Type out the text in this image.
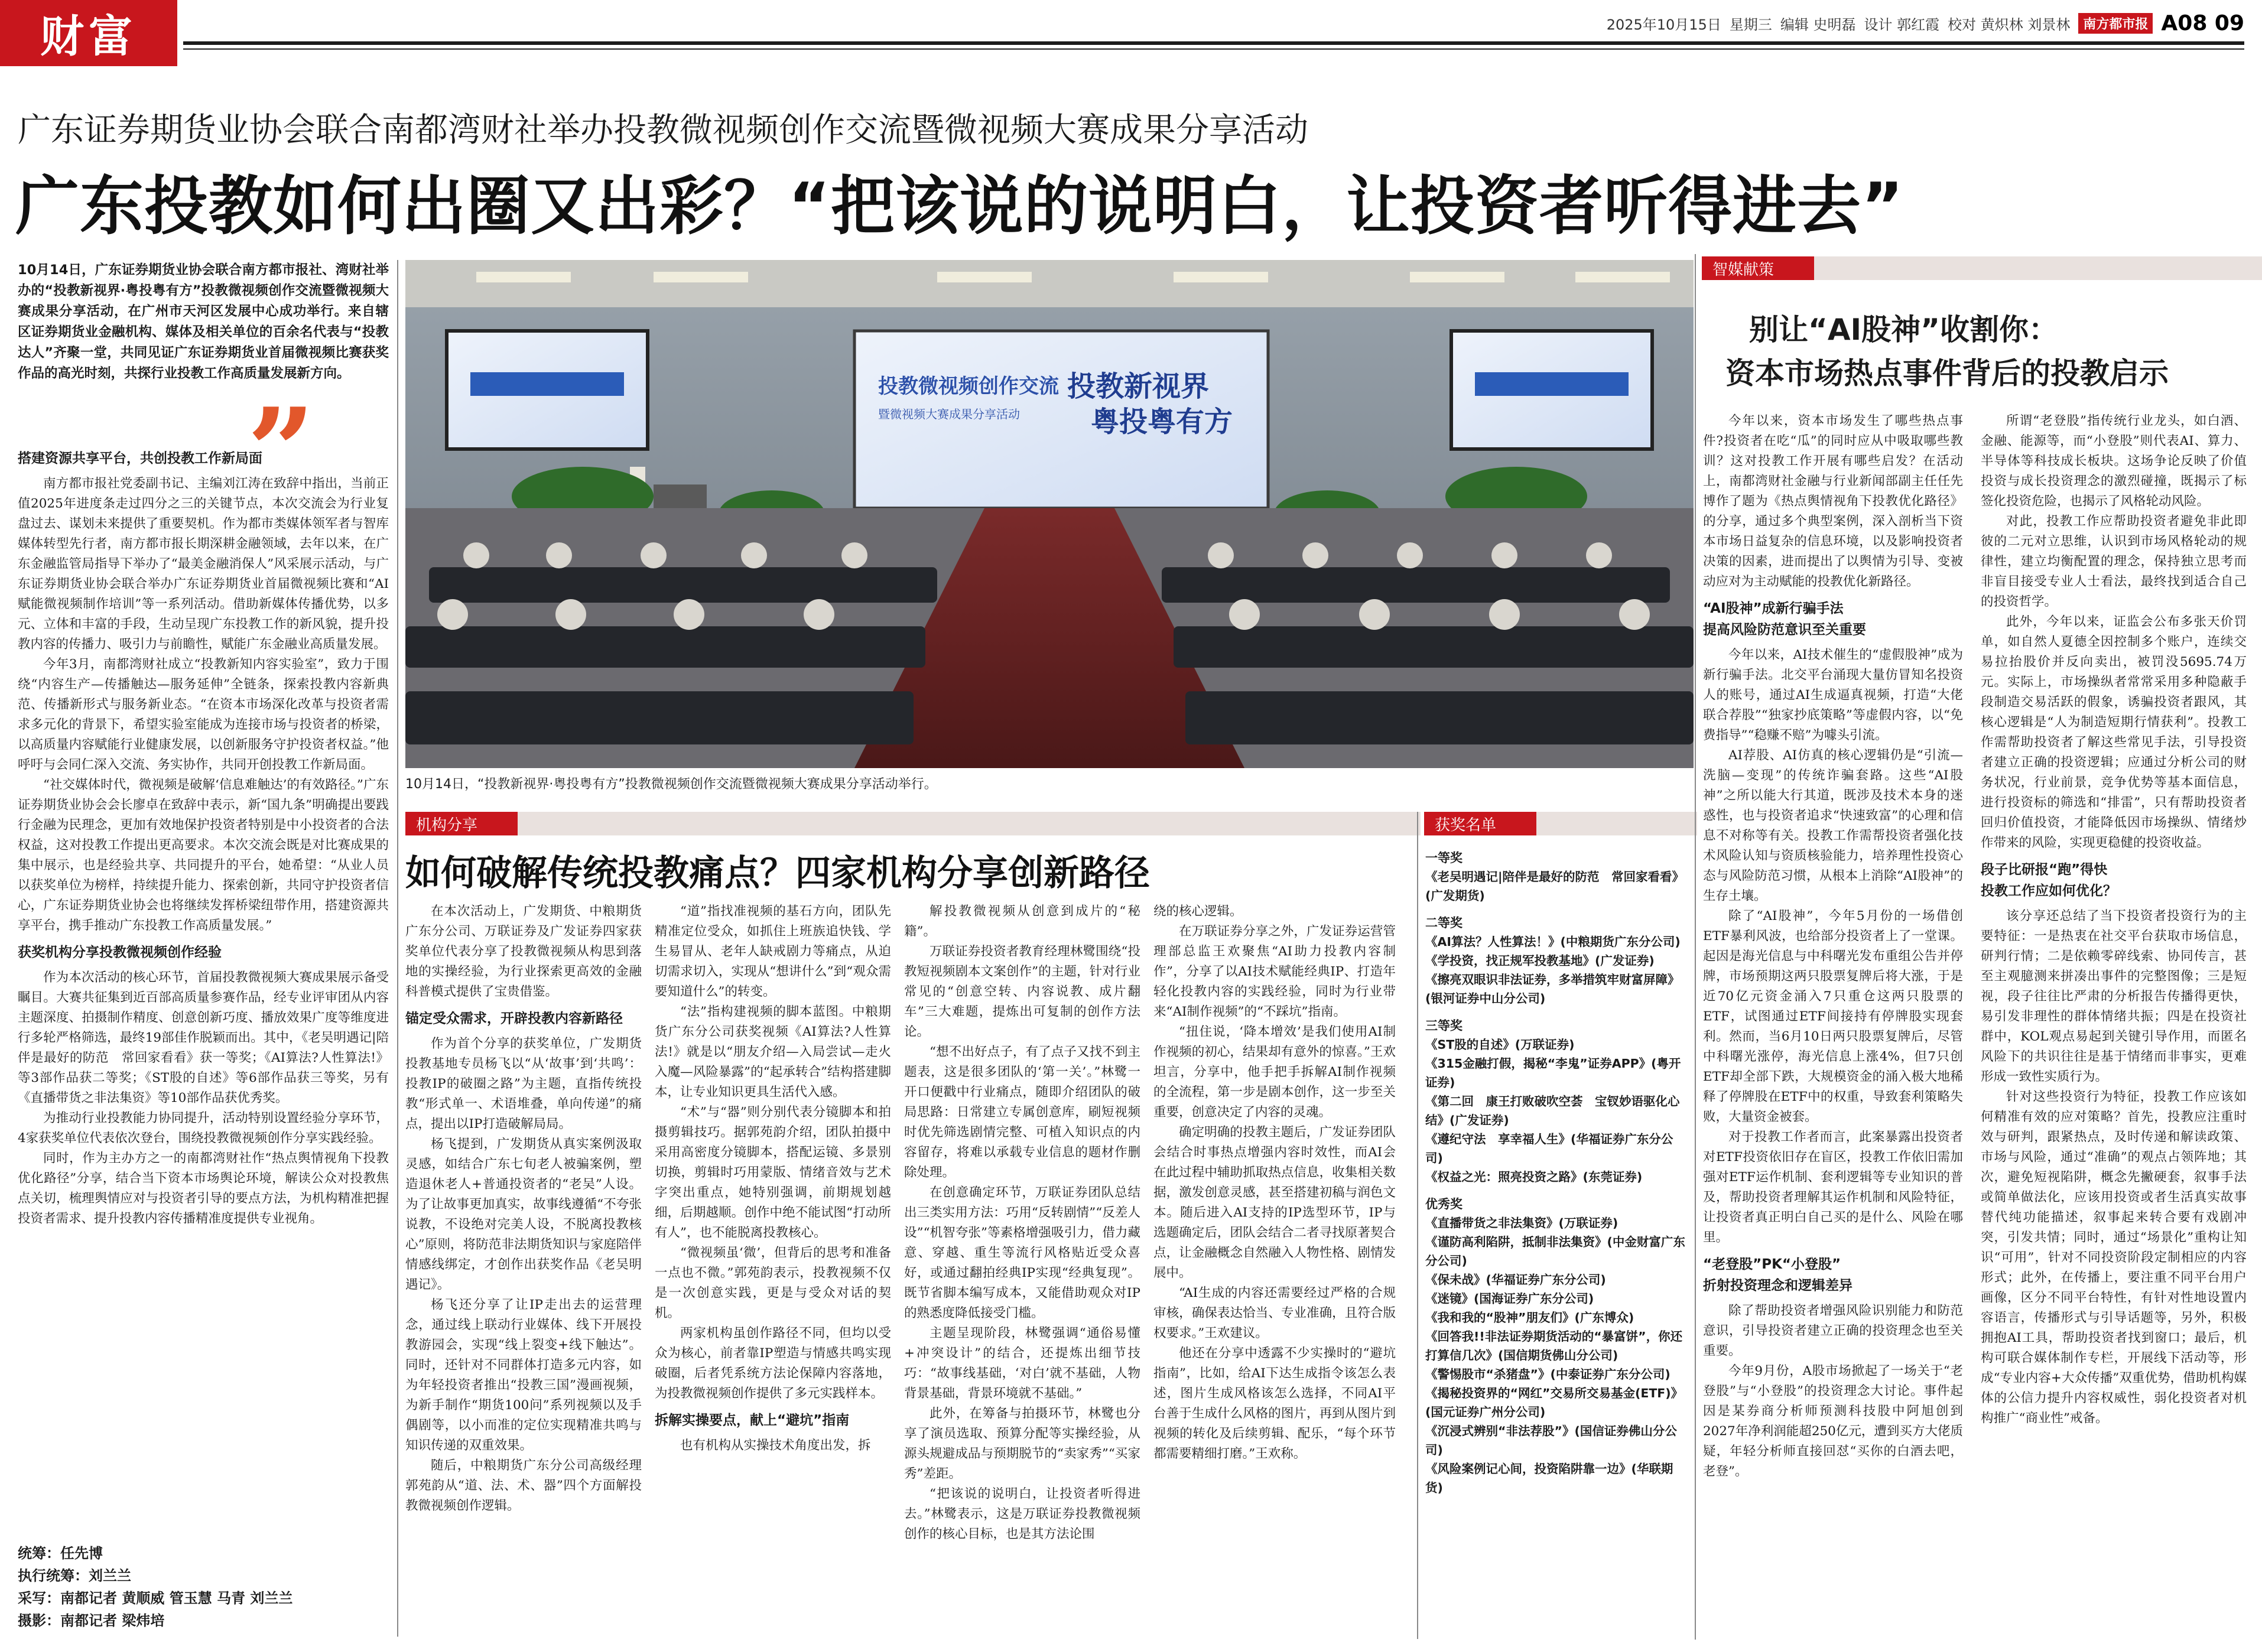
财富	2025年10月15日 星期三 编辑 史明磊 设计 郭红霞 校对 黄炽林 刘景林	南方都市报 A08 09
广东证券期货业协会联合南都湾财社举办投教微视频创作交流暨微视频大赛成果分享活动
广东投教如何出圈又出彩？“把该说的说明白，让投资者听得进去”
10月14日，广东证券期货业协会联合南方都市报社、湾财社举办的“投教新视界·粤投粤有方”投教微视频创作交流暨微视频大赛成果分享活动，在广州市天河区发展中心成功举行。来自辖区证券期货业金融机构、媒体及相关单位的百余名代表与“投教达人”齐聚一堂，共同见证广东证券期货业首届微视频比赛获奖作品的高光时刻，共探行业投教工作高质量发展新方向。
”
搭建资源共享平台，共创投教工作新局面

南方都市报社党委副书记、主编刘江涛在致辞中指出，当前正值2025年进度条走过四分之三的关键节点，本次交流会为行业复盘过去、谋划未来提供了重要契机。作为都市类媒体领军者与智库媒体转型先行者，南方都市报长期深耕金融领域，去年以来，在广东金融监管局指导下举办了“最美金融消保人”风采展示活动，与广东证券期货业协会联合举办广东证券期货业首届微视频比赛和“AI赋能微视频制作培训”等一系列活动。借助新媒体传播优势，以多元、立体和丰富的手段，生动呈现广东投教工作的新风貌，提升投教内容的传播力、吸引力与前瞻性，赋能广东金融业高质量发展。

今年3月，南都湾财社成立“投教新知内容实验室”，致力于围绕“内容生产—传播触达—服务延伸”全链条，探索投教内容新典范、传播新形式与服务新业态。“在资本市场深化改革与投资者需求多元化的背景下，希望实验室能成为连接市场与投资者的桥梁，以高质量内容赋能行业健康发展，以创新服务守护投资者权益。”他呼吁与会同仁深入交流、务实协作，共同开创投教工作新局面。

“社交媒体时代，微视频是破解‘信息难触达’的有效路径。”广东证券期货业协会会长廖卓在致辞中表示，新“国九条”明确提出要践行金融为民理念，更加有效地保护投资者特别是中小投资者的合法权益，这对投教工作提出更高要求。本次交流会既是对比赛成果的集中展示，也是经验共享、共同提升的平台，她希望：“从业人员以获奖单位为榜样，持续提升能力、探索创新，共同守护投资者信心，广东证券期货业协会也将继续发挥桥梁纽带作用，搭建资源共享平台，携手推动广东投教工作高质量发展。”

获奖机构分享投教微视频创作经验

作为本次活动的核心环节，首届投教微视频大赛成果展示备受瞩目。大赛共征集到近百部高质量参赛作品，经专业评审团从内容主题深度、拍摄制作精度、创意创新巧度、播放效果广度等维度进行多轮严格筛选，最终19部佳作脱颖而出。其中，《老吴明遇记|陪伴是最好的防范　常回家看看》获一等奖；《AI算法?人性算法!》等3部作品获二等奖；《ST股的自述》等6部作品获三等奖，另有《直播带货之非法集资》等10部作品获优秀奖。

为推动行业投教能力协同提升，活动特别设置经验分享环节，4家获奖单位代表依次登台，围绕投教微视频创作分享实践经验。

同时，作为主办方之一的南都湾财社作“热点舆情视角下投教优化路径”分享，结合当下资本市场舆论环境，解读公众对投教焦点关切，梳理舆情应对与投资者引导的要点方法，为机构精准把握投资者需求、提升投教内容传播精准度提供专业视角。

统筹：任先博
执行统筹：刘兰兰
采写：南都记者 黄顺威 管玉慧 马青 刘兰兰
摄影：南都记者 梁炜培
投教微视频创作交流
暨微视频大赛成果分享活动
投教新视界
粤投粤有方
10月14日，“投教新视界·粤投粤有方”投教微视频创作交流暨微视频大赛成果分享活动举行。
机构分享
如何破解传统投教痛点？四家机构分享创新路径

在本次活动上，广发期货、中粮期货广东分公司、万联证券及广发证券四家获奖单位代表分享了投教微视频从构思到落地的实操经验，为行业探索更高效的金融科普模式提供了宝贵借鉴。

锚定受众需求，开辟投教内容新路径

作为首个分享的获奖单位，广发期货投教基地专员杨飞以“从‘故事’到‘共鸣’：投教IP的破圈之路”为主题，直指传统投教“形式单一、术语堆叠，单向传递”的痛点，提出以IP打造破解局局。

杨飞提到，广发期货从真实案例汲取灵感，如结合广东七旬老人被骗案例，塑造退休老人+普通投资者的“老吴”人设。为了让故事更加真实，故事线遵循“不夸张说教，不设绝对完美人设，不脱离投教核心”原则，将防范非法期货知识与家庭陪伴情感线绑定，才创作出获奖作品《老吴明遇记》。

杨飞还分享了让IP走出去的运营理念，通过线上联动行业媒体、线下开展投教游园会，实现“线上裂变+线下触达”。同时，还针对不同群体打造多元内容，如为年轻投资者推出“投教三国”漫画视频，为新手制作“期货100问”系列视频以及手偶剧等，以小而准的定位实现精准共鸣与知识传递的双重效果。

随后，中粮期货广东分公司高级经理郭苑韵从“道、法、术、器”四个方面解投教微视频创作逻辑。

“道”指找准视频的基石方向，团队先精准定位受众，如抓住上班族追快钱、学生易冒从、老年人缺戒剧力等痛点，从迫切需求切入，实现从“想讲什么”到“观众需要知道什么”的转变。

“法”指构建视频的脚本蓝图。中粮期货广东分公司获奖视频《AI算法?人性算法!》就是以“朋友介绍—入局尝试—走火入魔—风险暴露”的“起承转合”结构搭建脚本，让专业知识更具生活代入感。

“术”与“器”则分别代表分镜脚本和拍摄剪辑技巧。据郭苑韵介绍，团队拍摄中采用高密度分镜脚本，搭配运镜、多景别切换，剪辑时巧用蒙版、情绪音效与艺术字突出重点，她特别强调，前期规划越细，后期越顺。创作中绝不能试图“打动所有人”，也不能脱离投教核心。

“微视频虽‘微’，但背后的思考和准备一点也不微。”郭苑韵表示，投教视频不仅是一次创意实践，更是与受众对话的契机。

两家机构虽创作路径不同，但均以受众为核心，前者靠IP塑造与情感共鸣实现破圈，后者凭系统方法论保障内容落地，为投教微视频创作提供了多元实践样本。

拆解实操要点，献上“避坑”指南

也有机构从实操技术角度出发，拆

解投教微视频从创意到成片的“秘籍”。

万联证券投资者教育经理林鹭围绕“投教短视频剧本文案创作”的主题，针对行业常见的“创意空转、内容说教、成片翻车”三大难题，提炼出可复制的创作方法论。

“想不出好点子，有了点子又找不到主题表，这是很多团队的‘第一关’。”林鹭一开口便戳中行业痛点，随即介绍团队的破局思路：日常建立专属创意库，刷短视频时优先筛选剧情完整、可植入知识点的内容留存，将难以承载专业信息的题材作删除处理。

在创意确定环节，万联证券团队总结出三类实用方法：巧用“反转剧情”“反差人设”“机智夸张”等素格增强吸引力，借力藏意、穿越、重生等流行风格贴近受众喜好，或通过翻拍经典IP实现“经典复现”。既节省脚本编写成本，又能借助观众对IP的熟悉度降低接受门槛。

主题呈现阶段，林鹭强调“通俗易懂+冲突设计”的结合，还提炼出细节技巧：“故事线基础，‘对白’就不基础，人物背景基础，背景环境就不基础。”

此外，在筹备与拍摄环节，林鹭也分享了演员选取、预算分配等实操经验，从源头规避成品与预期脱节的“卖家秀”“买家秀”差距。

“把该说的说明白，让投资者听得进去。”林鹭表示，这是万联证券投教微视频创作的核心目标，也是其方法论围

绕的核心逻辑。

在万联证券分享之外，广发证券运营管理部总监王欢聚焦“AI助力投教内容制作”，分享了以AI技术赋能经典IP、打造年轻化投教内容的实践经验，同时为行业带来“AI制作视频”的“不踩坑”指南。

“扭住说，‘降本增效’是我们使用AI制作视频的初心，结果却有意外的惊喜。”王欢坦言，分享中，他手把手拆解AI制作视频的全流程，第一步是剧本创作，这一步至关重要，创意决定了内容的灵魂。

确定明确的投教主题后，广发证券团队会结合时事热点增强内容时效性，而AI会在此过程中辅助抓取热点信息，收集相关数据，激发创意灵感，甚至搭建初稿与润色文本。随后进入AI支持的IP选型环节，IP与选题确定后，团队会结合二者寻找原著契合点，让金融概念自然融入人物性格、剧情发展中。

“AI生成的内容还需要经过严格的合规审核，确保表达恰当、专业准确，且符合版权要求。”王欢建议。

他还在分享中透露不少实操时的“避坑指南”，比如，给AI下达生成指令该怎么表述，图片生成风格该怎么选择，不同AI平台善于生成什么风格的图片，再到从图片到视频的转化及后续剪辑、配乐，“每个环节都需要精细打磨。”王欢称。

获奖名单
一等奖
《老吴明遇记|陪伴是最好的防范　常回家看看》(广发期货)
二等奖
《AI算法？人性算法！》(中粮期货广东分公司)
《学投资，找正规军投教基地》(广发证券)
《擦亮双眼识非法证券，多举措筑牢财富屏障》(银河证券中山分公司)
三等奖
《ST股的自述》(万联证券)
《315金融打假，揭秘“李鬼”证券APP》(粤开证券)
《第二回　康王打败破吹空荟　宝钗妙语驱化心结》(广发证券)
《遵纪守法　享幸福人生》(华福证券广东分公司)
《权益之光：照亮投资之路》(东莞证券)
优秀奖
《直播带货之非法集资》(万联证券)
《谨防高利陷阱，抵制非法集资》(中金财富广东分公司)
《保未战》(华福证券广东分公司)
《迷镜》(国海证券广东分公司)
《我和我的“股神”朋友们》(广东博众)
《回答我!!非法证券期货活动的“暴富饼”，你还打算信几次》(国信期货佛山分公司)
《警惕股市“杀猪盘”》(中泰证券广东分公司)
《揭秘投资界的“网红”交易所交易基金(ETF)》(国元证券广州分公司)
《沉浸式辨别“非法荐股”》(国信证券佛山分公司)
《风险案例记心间，投资陷阱靠一边》(华联期货)
智媒献策
别让“AI股神”收割你：
资本市场热点事件背后的投教启示

今年以来，资本市场发生了哪些热点事件?投资者在吃“瓜”的同时应从中吸取哪些教训？这对投教工作开展有哪些启发？在活动上，南都湾财社金融与行业新闻部副主任任先博作了题为《热点舆情视角下投教优化路径》的分享，通过多个典型案例，深入剖析当下资本市场日益复杂的信息环境，以及影响投资者决策的因素，进而提出了以舆情为引导、变被动应对为主动赋能的投教优化新路径。

“AI股神”成新行骗手法
提高风险防范意识至关重要

今年以来，AI技术催生的“虚假股神”成为新行骗手法。北交平台涌现大量仿冒知名投资人的账号，通过AI生成逼真视频，打造“大佬联合荐股”“独家抄底策略”等虚假内容，以“免费指导”“稳赚不赔”为噱头引流。

AI荐股、AI仿真的核心逻辑仍是“引流—洗脑—变现”的传统诈骗套路。这些“AI股神”之所以能大行其道，既涉及技术本身的迷惑性，也与投资者追求“快速致富”的心理和信息不对称等有关。投教工作需帮投资者强化技术风险认知与资质核验能力，培养理性投资心态与风险防范习惯，从根本上消除“AI股神”的生存土壤。

除了“AI股神”，今年5月份的一场借创ETF暴利风波，也给部分投资者上了一堂课。起因是海光信息与中科曙光发布重组公告并停牌，市场预期这两只股票复牌后将大涨，于是近70亿元资金涌入7只重仓这两只股票的ETF，试图通过ETF间接持有停牌股实现套利。然而，当6月10日两只股票复牌后，尽管中科曙光涨停，海光信息上涨4%，但7只创ETF却全部下跌，大规模资金的涌入极大地稀释了停牌股在ETF中的权重，导致套利策略失败，大量资金被套。

对于投教工作者而言，此案暴露出投资者对ETF投资依旧存在盲区，投教工作依旧需加强对ETF运作机制、套利逻辑等专业知识的普及，帮助投资者理解其运作机制和风险特征，让投资者真正明白自己买的是什么、风险在哪里。

“老登股”PK“小登股”
折射投资理念和逻辑差异

除了帮助投资者增强风险识别能力和防范意识，引导投资者建立正确的投资理念也至关重要。

今年9月份，A股市场掀起了一场关于“老登股”与“小登股”的投资理念大讨论。事件起因是某券商分析师预测科技股中阿旭创到2027年净利润能超250亿元，遭到买方大佬质疑，年轻分析师直接回怼“买你的白酒去吧，老登”。

所谓“老登股”指传统行业龙头，如白酒、金融、能源等，而“小登股”则代表AI、算力、半导体等科技成长板块。这场争论反映了价值投资与成长投资理念的激烈碰撞，既揭示了标签化投资危险，也揭示了风格轮动风险。

对此，投教工作应帮助投资者避免非此即彼的二元对立思维，认识到市场风格轮动的规律性，建立均衡配置的理念，保持独立思考而非盲目接受专业人士看法，最终找到适合自己的投资哲学。

此外，今年以来，证监会公布多张天价罚单，如自然人夏德全因控制多个账户，连续交易拉抬股价并反向卖出，被罚没5695.74万元。实际上，市场操纵者常常采用多种隐蔽手段制造交易活跃的假象，诱骗投资者跟风，其核心逻辑是“人为制造短期行情获利”。投教工作需帮助投资者了解这些常见手法，引导投资者建立正确的投资逻辑；应通过分析公司的财务状况，行业前景，竞争优势等基本面信息，进行投资标的筛选和“排雷”，只有帮助投资者回归价值投资，才能降低因市场操纵、情绪炒作带来的风险，实现更稳健的投资收益。

段子比研报“跑”得快
投教工作应如何优化？

该分享还总结了当下投资者投资行为的主要特征：一是热衷在社交平台获取市场信息，研判行情；二是依赖零碎线索、协同传言，甚至主观臆测来拼凑出事件的完整图像；三是短视，段子往往比严肃的分析报告传播得更快，易引发非理性的群体情绪共振；四是在投资社群中，KOL观点易起到关键引导作用，而匿名风险下的共识往往是基于情绪而非事实，更难形成一致性实质行为。

针对这些投资行为特征，投教工作应该如何精准有效的应对策略？首先，投教应注重时效与研判，跟紧热点，及时传递和解读政策、市场与风险，通过“准确”的观点占领阵地；其次，避免短视陷阱，概念先撇硬套，叙事手法或简单做法化，应该用投资或者生活真实故事替代纯功能描述，叙事起来转合要有戏剧冲突，引发共情；同时，通过“场景化”重构让知识“可用”，针对不同投资阶段定制相应的内容形式；此外，在传播上，要注重不同平台用户画像，区分不同平台特性，有针对性地设置内容语言，传播形式与引导话题等，另外，积极拥抱AI工具，帮助投资者找到窗口；最后，机构可联合媒体制作专栏，开展线下活动等，形成“专业内容+大众传播”双重优势，借助机构媒体的公信力提升内容权威性，弱化投资者对机构推广“商业性”戒备。
